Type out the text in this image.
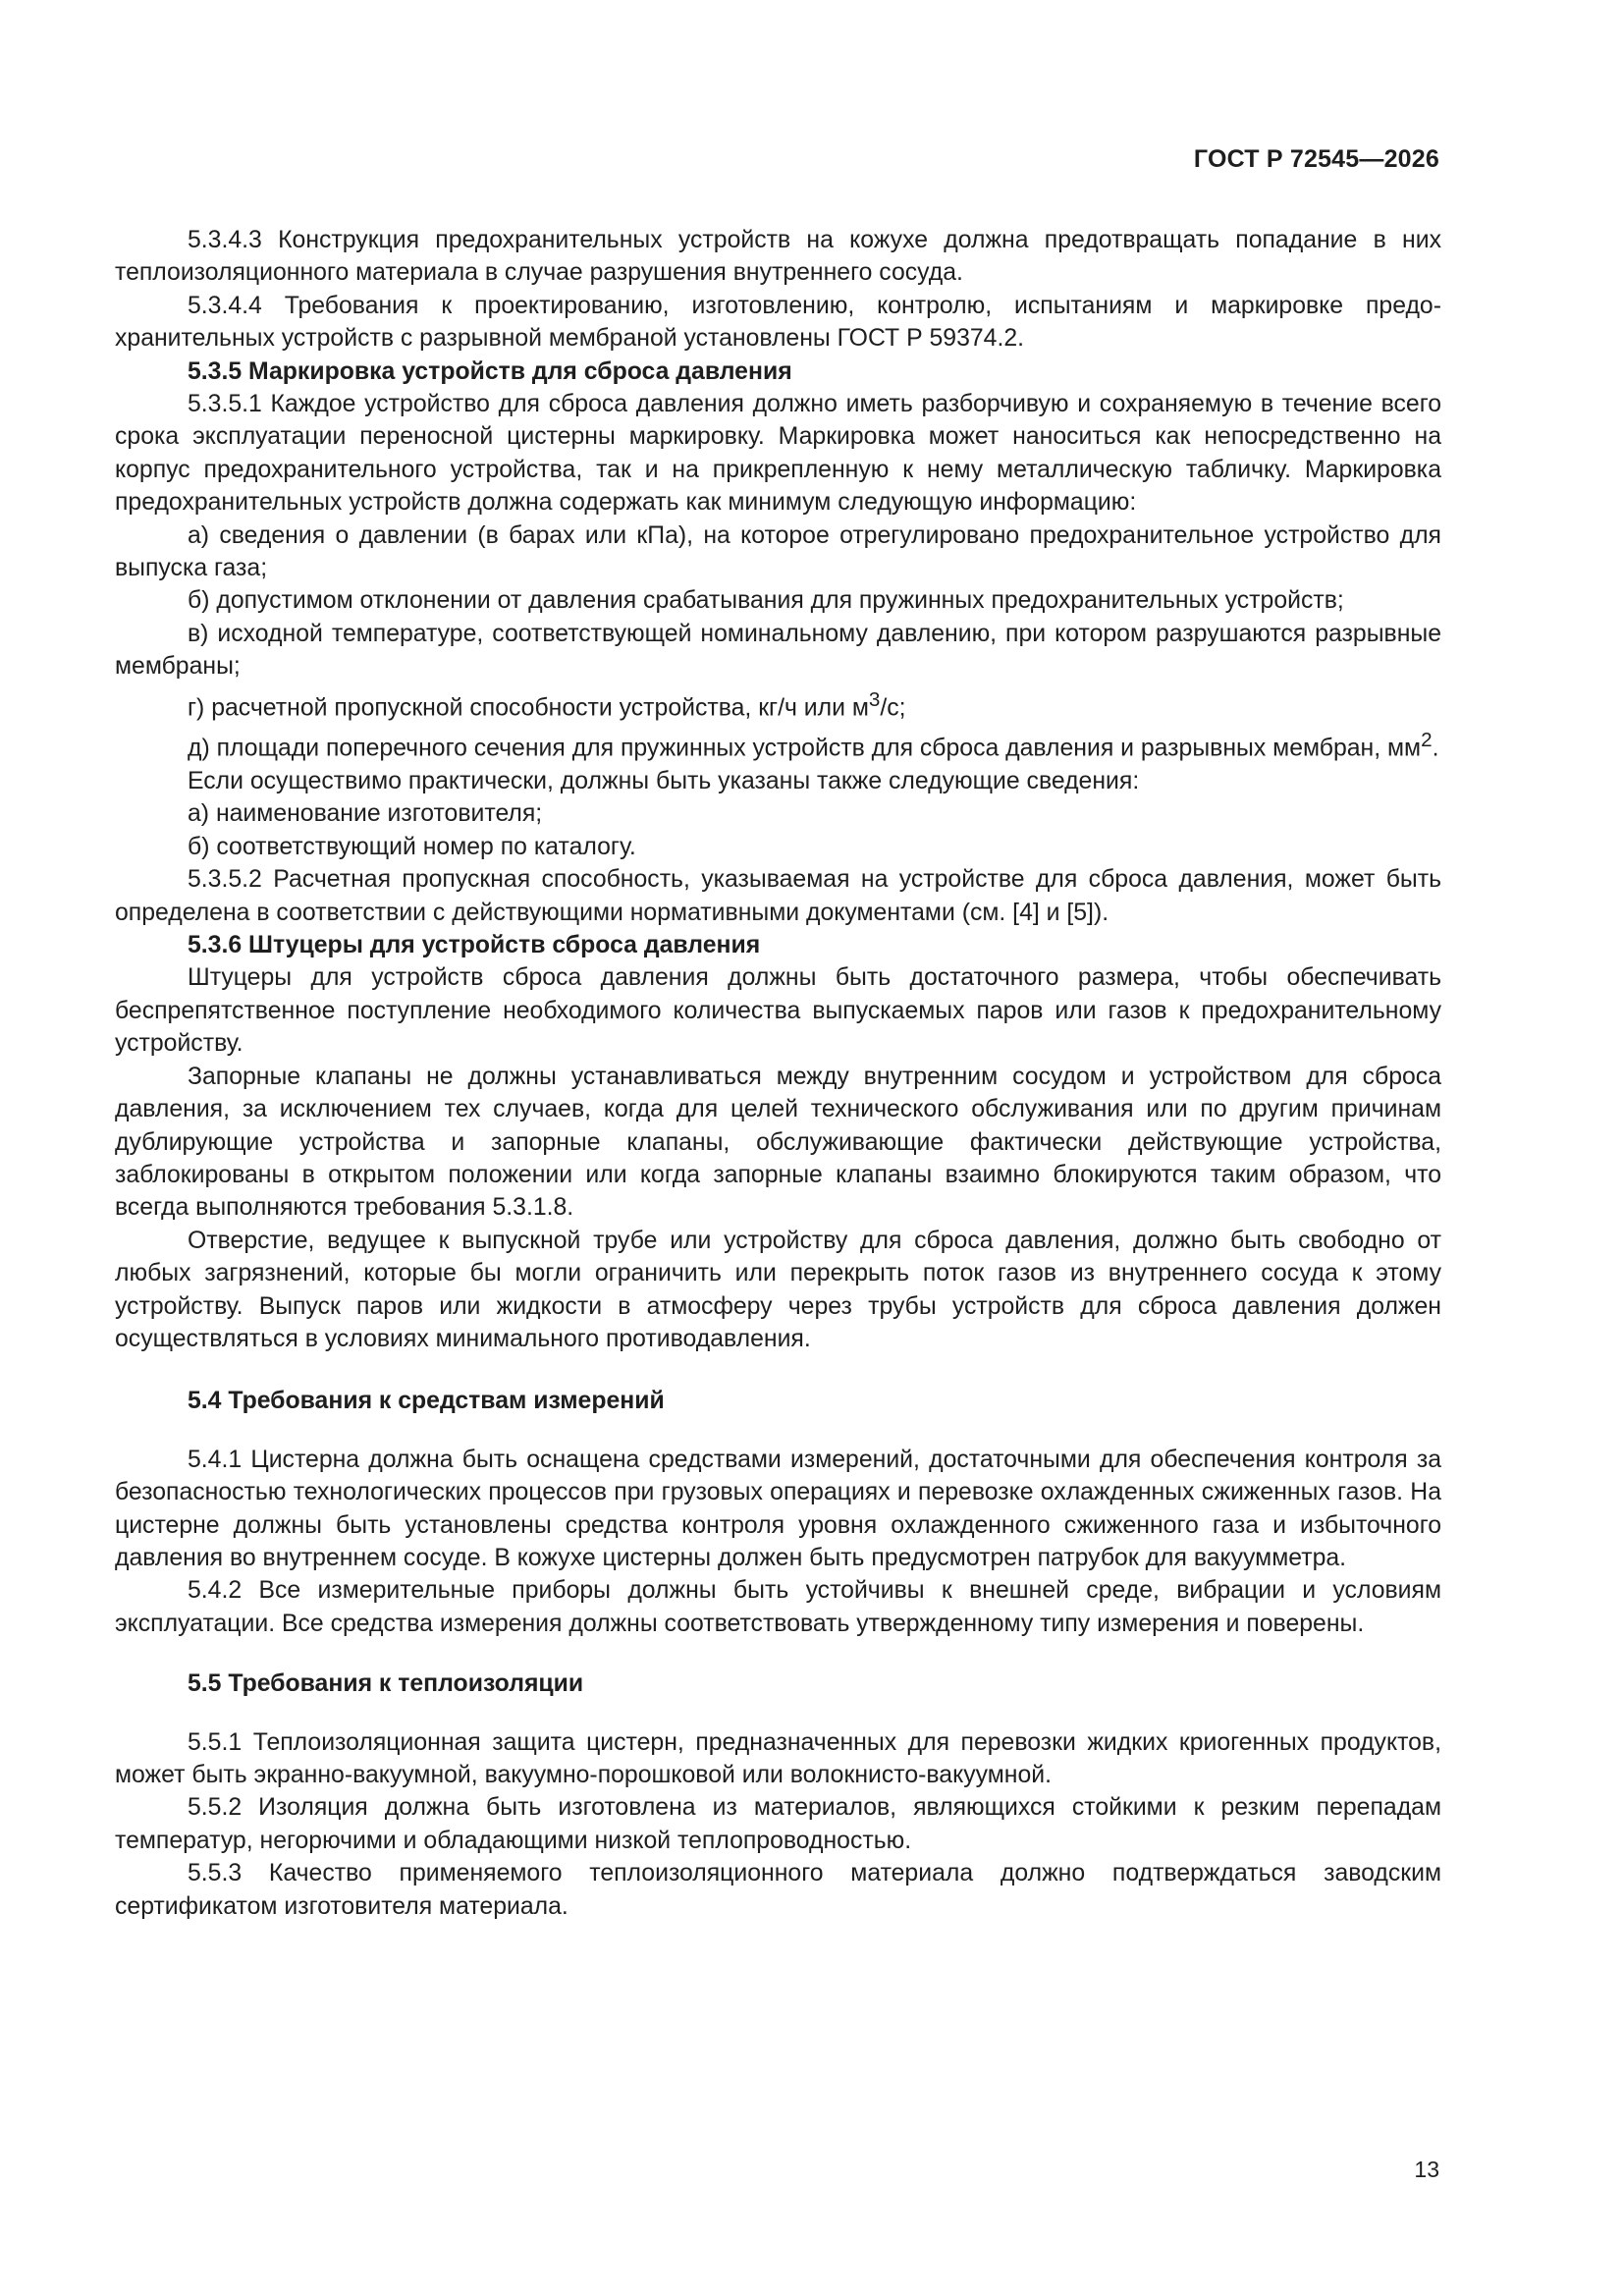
ГОСТ Р 72545—2026

5.3.4.3 Конструкция предохранительных устройств на кожухе должна предотвращать попадание в них теплоизоляционного материала в случае разрушения внутреннего сосуда.

5.3.4.4 Требования к проектированию, изготовлению, контролю, испытаниям и маркировке предохранительных устройств с разрывной мембраной установлены ГОСТ Р 59374.2.

5.3.5 Маркировка устройств для сброса давления

5.3.5.1 Каждое устройство для сброса давления должно иметь разборчивую и сохраняемую в течение всего срока эксплуатации переносной цистерны маркировку. Маркировка может наноситься как непосредственно на корпус предохранительного устройства, так и на прикрепленную к нему металлическую табличку. Маркировка предохранительных устройств должна содержать как минимум следующую информацию:

а) сведения о давлении (в барах или кПа), на которое отрегулировано предохранительное устройство для выпуска газа;

б) допустимом отклонении от давления срабатывания для пружинных предохранительных устройств;

в) исходной температуре, соответствующей номинальному давлению, при котором разрушаются разрывные мембраны;

г) расчетной пропускной способности устройства, кг/ч или $м^3/с$;

д) площади поперечного сечения для пружинных устройств для сброса давления и разрывных мембран, $мм^2$.

Если осуществимо практически, должны быть указаны также следующие сведения:

а) наименование изготовителя;

б) соответствующий номер по каталогу.

5.3.5.2 Расчетная пропускная способность, указываемая на устройстве для сброса давления, может быть определена в соответствии с действующими нормативными документами (см. [4] и [5]).

5.3.6 Штуцеры для устройств сброса давления

Штуцеры для устройств сброса давления должны быть достаточного размера, чтобы обеспечивать беспрепятственное поступление необходимого количества выпускаемых паров или газов к предохранительному устройству.

Запорные клапаны не должны устанавливаться между внутренним сосудом и устройством для сброса давления, за исключением тех случаев, когда для целей технического обслуживания или по другим причинам дублирующие устройства и запорные клапаны, обслуживающие фактически действующие устройства, заблокированы в открытом положении или когда запорные клапаны взаимно блокируются таким образом, что всегда выполняются требования 5.3.1.8.

Отверстие, ведущее к выпускной трубе или устройству для сброса давления, должно быть свободно от любых загрязнений, которые бы могли ограничить или перекрыть поток газов из внутреннего сосуда к этому устройству. Выпуск паров или жидкости в атмосферу через трубы устройств для сброса давления должен осуществляться в условиях минимального противодавления.

5.4 Требования к средствам измерений

5.4.1 Цистерна должна быть оснащена средствами измерений, достаточными для обеспечения контроля за безопасностью технологических процессов при грузовых операциях и перевозке охлажденных сжиженных газов. На цистерне должны быть установлены средства контроля уровня охлажденного сжиженного газа и избыточного давления во внутреннем сосуде. В кожухе цистерны должен быть предусмотрен патрубок для вакуумметра.

5.4.2 Все измерительные приборы должны быть устойчивы к внешней среде, вибрации и условиям эксплуатации. Все средства измерения должны соответствовать утвержденному типу измерения и поверены.

5.5 Требования к теплоизоляции

5.5.1 Теплоизоляционная защита цистерн, предназначенных для перевозки жидких криогенных продуктов, может быть экранно-вакуумной, вакуумно-порошковой или волокнисто-вакуумной.

5.5.2 Изоляция должна быть изготовлена из материалов, являющихся стойкими к резким перепадам температур, негорючими и обладающими низкой теплопроводностью.

5.5.3 Качество применяемого теплоизоляционного материала должно подтверждаться заводским сертификатом изготовителя материала.

13
